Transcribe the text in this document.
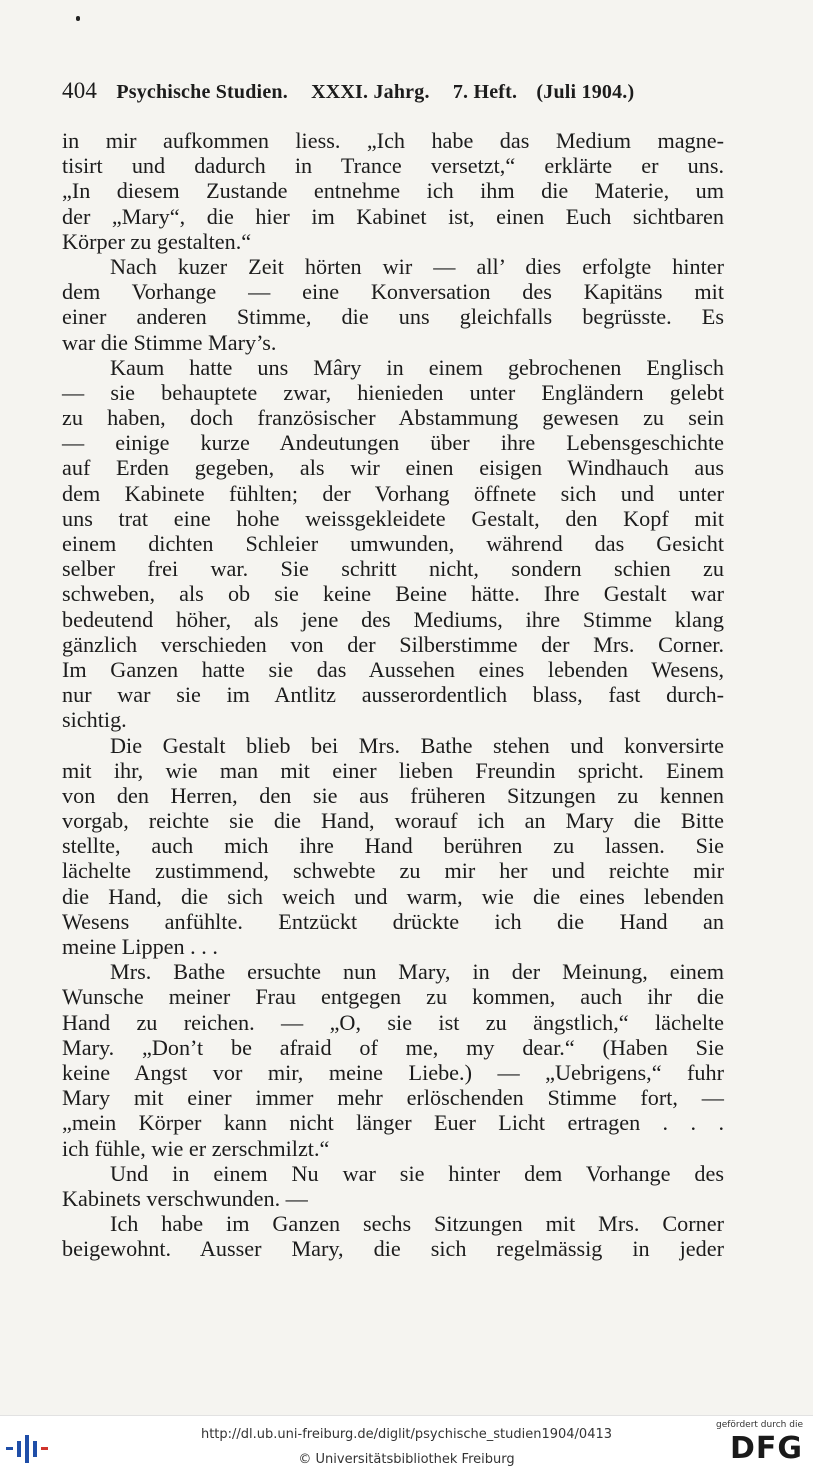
404 Psychische Studien. XXXI. Jahrg. 7. Heft. (Juli 1904.)
in mir aufkommen liess. „Ich habe das Medium magne-
tisirt und dadurch in Trance versetzt,“ erklärte er uns.
„In diesem Zustande entnehme ich ihm die Materie, um
der „Mary“, die hier im Kabinet ist, einen Euch sichtbaren
Körper zu gestalten.“
Nach kuzer Zeit hörten wir — all’ dies erfolgte hinter
dem Vorhange — eine Konversation des Kapitäns mit
einer anderen Stimme, die uns gleichfalls begrüsste. Es
war die Stimme Mary’s.
Kaum hatte uns Mâry in einem gebrochenen Englisch
— sie behauptete zwar, hienieden unter Engländern gelebt
zu haben, doch französischer Abstammung gewesen zu sein
— einige kurze Andeutungen über ihre Lebensgeschichte
auf Erden gegeben, als wir einen eisigen Windhauch aus
dem Kabinete fühlten; der Vorhang öffnete sich und unter
uns trat eine hohe weissgekleidete Gestalt, den Kopf mit
einem dichten Schleier umwunden, während das Gesicht
selber frei war. Sie schritt nicht, sondern schien zu
schweben, als ob sie keine Beine hätte. Ihre Gestalt war
bedeutend höher, als jene des Mediums, ihre Stimme klang
gänzlich verschieden von der Silberstimme der Mrs. Corner.
Im Ganzen hatte sie das Aussehen eines lebenden Wesens,
nur war sie im Antlitz ausserordentlich blass, fast durch-
sichtig.
Die Gestalt blieb bei Mrs. Bathe stehen und konversirte
mit ihr, wie man mit einer lieben Freundin spricht. Einem
von den Herren, den sie aus früheren Sitzungen zu kennen
vorgab, reichte sie die Hand, worauf ich an Mary die Bitte
stellte, auch mich ihre Hand berühren zu lassen. Sie
lächelte zustimmend, schwebte zu mir her und reichte mir
die Hand, die sich weich und warm, wie die eines lebenden
Wesens anfühlte. Entzückt drückte ich die Hand an
meine Lippen . . .
Mrs. Bathe ersuchte nun Mary, in der Meinung, einem
Wunsche meiner Frau entgegen zu kommen, auch ihr die
Hand zu reichen. — „O, sie ist zu ängstlich,“ lächelte
Mary. „Don’t be afraid of me, my dear.“ (Haben Sie
keine Angst vor mir, meine Liebe.) — „Uebrigens,“ fuhr
Mary mit einer immer mehr erlöschenden Stimme fort, —
„mein Körper kann nicht länger Euer Licht ertragen . . .
ich fühle, wie er zerschmilzt.“
Und in einem Nu war sie hinter dem Vorhange des
Kabinets verschwunden. —
Ich habe im Ganzen sechs Sitzungen mit Mrs. Corner
beigewohnt. Ausser Mary, die sich regelmässig in jeder
http://dl.ub.uni-freiburg.de/diglit/psychische_studien1904/0413
© Universitätsbibliothek Freiburg
gefördert durch die
DFG
